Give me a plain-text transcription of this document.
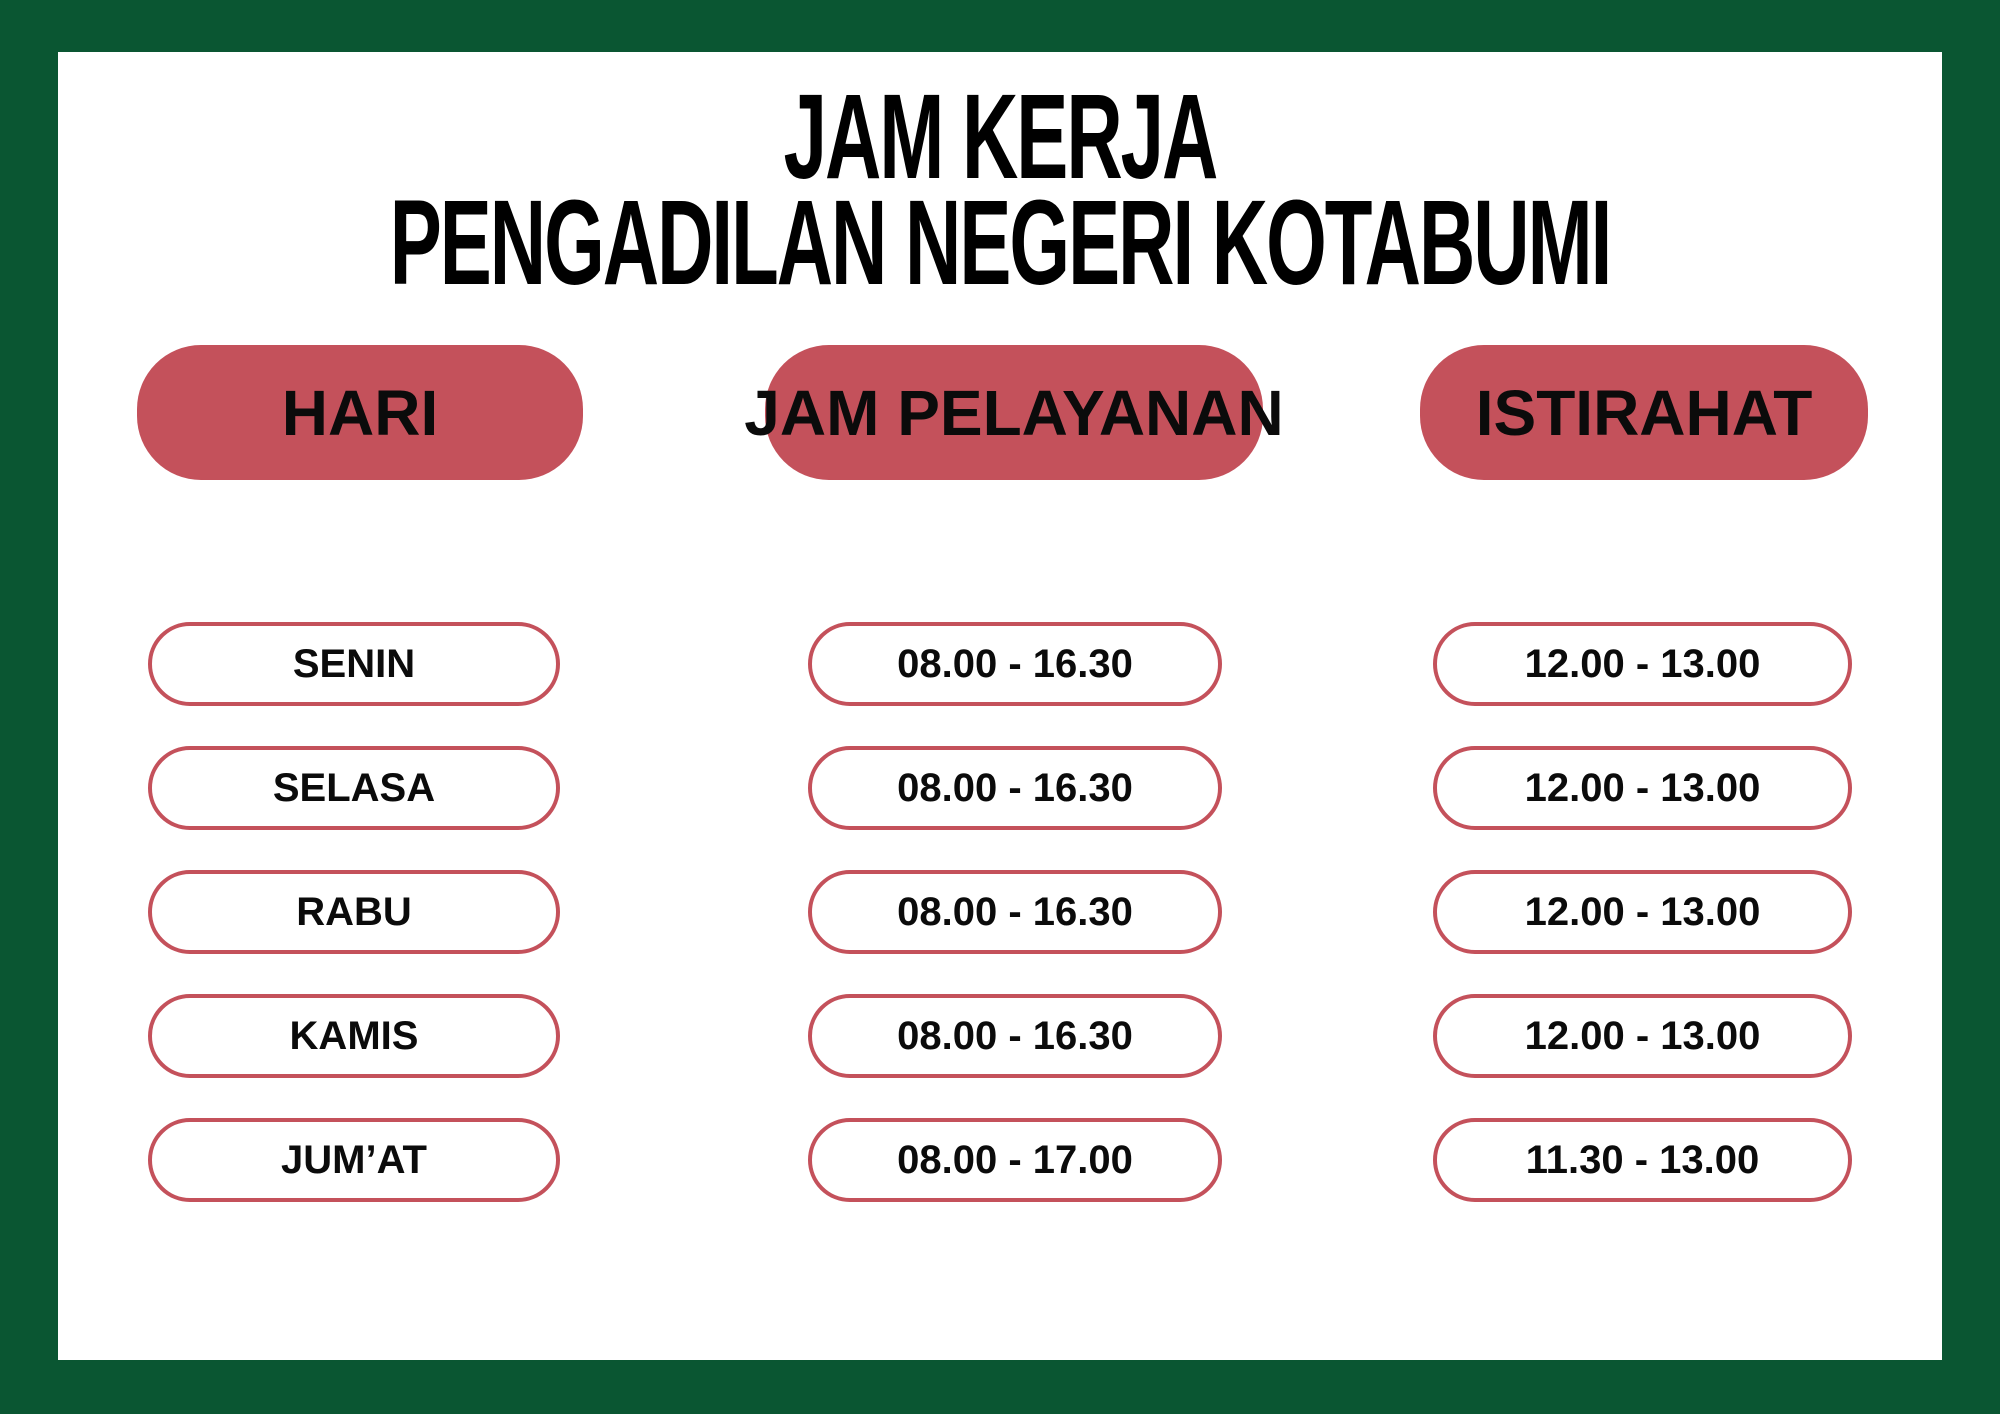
JAM KERJA
PENGADILAN NEGERI KOTABUMI
HARI	JAM PELAYANAN	ISTIRAHAT
SENIN	08.00 - 16.30	12.00 - 13.00
SELASA	08.00 - 16.30	12.00 - 13.00
RABU	08.00 - 16.30	12.00 - 13.00
KAMIS	08.00 - 16.30	12.00 - 13.00
JUM’AT	08.00 - 17.00	11.30 - 13.00
